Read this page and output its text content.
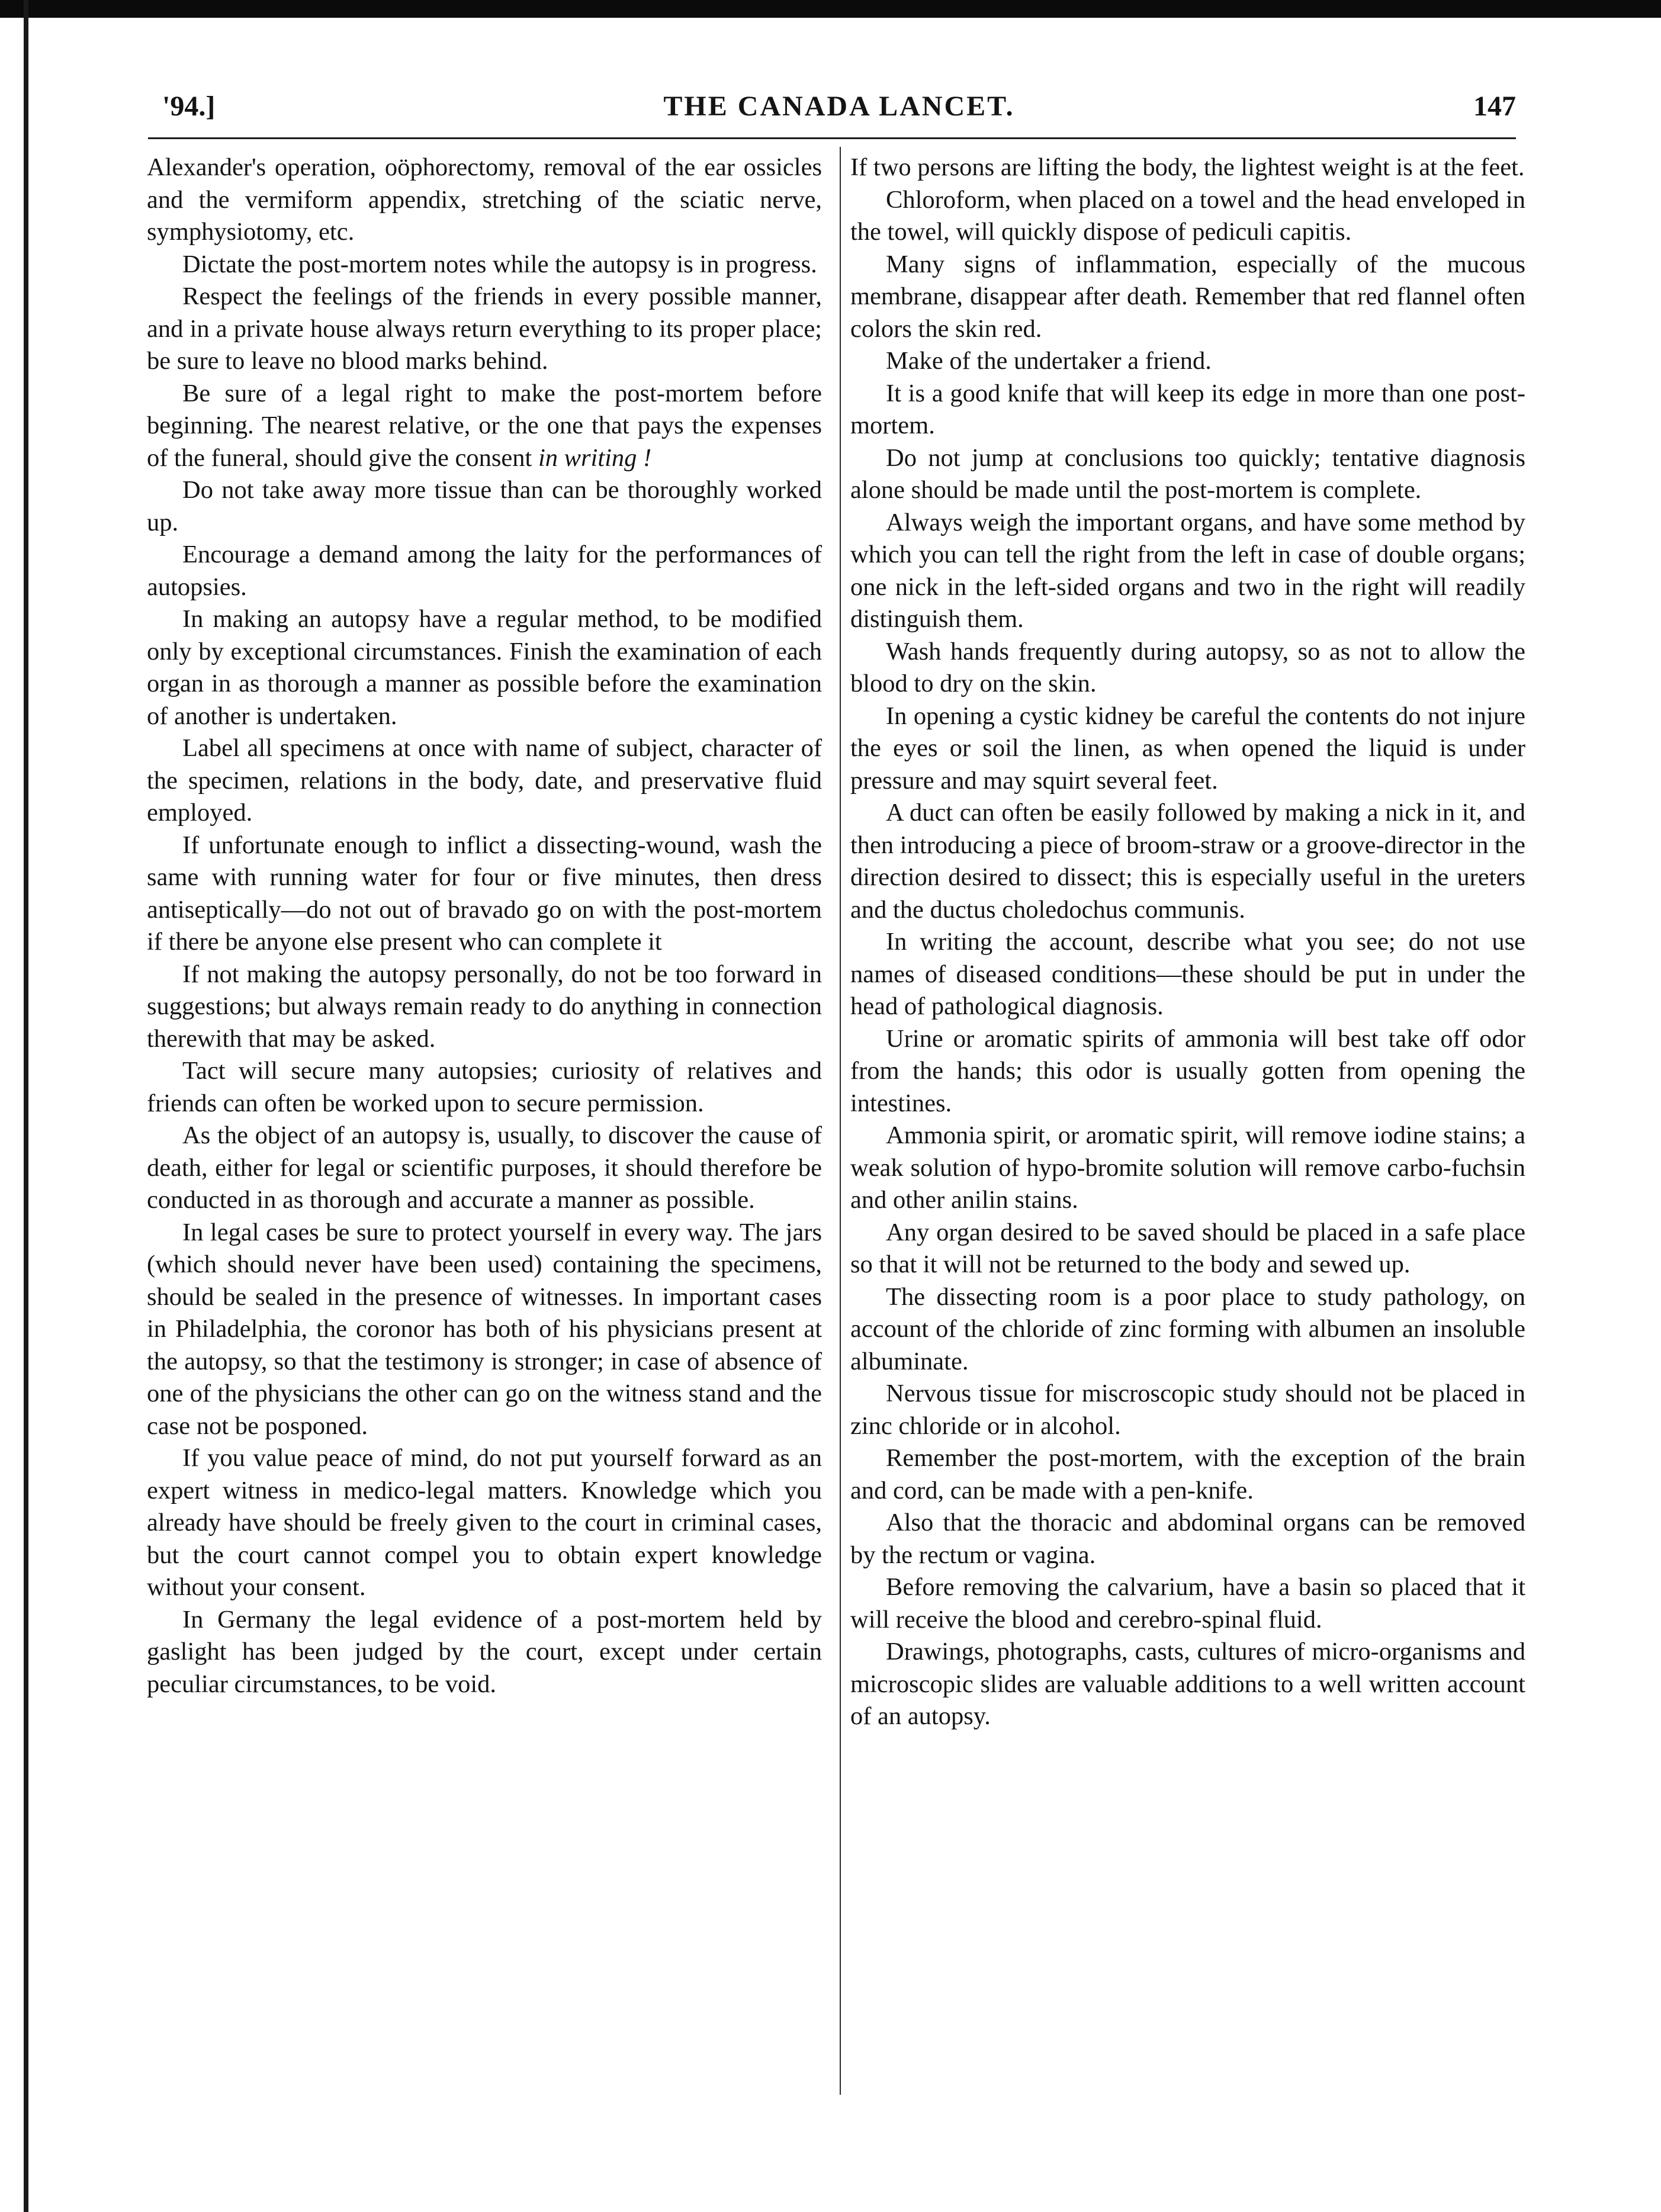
THE CANADA LANCET.
'94.]	147

Alexander's operation, oöphorectomy, removal of the ear ossicles and the vermiform appendix, stretching of the sciatic nerve, symphysiotomy, etc.

Dictate the post-mortem notes while the autopsy is in progress.

Respect the feelings of the friends in every possible manner, and in a private house always return everything to its proper place; be sure to leave no blood marks behind.

Be sure of a legal right to make the post-mortem before beginning. The nearest relative, or the one that pays the expenses of the funeral, should give the consent in writing !

Do not take away more tissue than can be thoroughly worked up.

Encourage a demand among the laity for the performances of autopsies.

In making an autopsy have a regular method, to be modified only by exceptional circumstances. Finish the examination of each organ in as thorough a manner as possible before the examination of another is undertaken.

Label all specimens at once with name of subject, character of the specimen, relations in the body, date, and preservative fluid employed.

If unfortunate enough to inflict a dissecting-wound, wash the same with running water for four or five minutes, then dress antiseptically—do not out of bravado go on with the post-mortem if there be anyone else present who can complete it

If not making the autopsy personally, do not be too forward in suggestions; but always remain ready to do anything in connection therewith that may be asked.

Tact will secure many autopsies; curiosity of relatives and friends can often be worked upon to secure permission.

As the object of an autopsy is, usually, to discover the cause of death, either for legal or scientific purposes, it should therefore be conducted in as thorough and accurate a manner as possible.

In legal cases be sure to protect yourself in every way. The jars (which should never have been used) containing the specimens, should be sealed in the presence of witnesses. In important cases in Philadelphia, the coronor has both of his physicians present at the autopsy, so that the testimony is stronger; in case of absence of one of the physicians the other can go on the witness stand and the case not be posponed.

If you value peace of mind, do not put yourself forward as an expert witness in medico-legal matters. Knowledge which you already have should be freely given to the court in criminal cases, but the court cannot compel you to obtain expert knowledge without your consent.

In Germany the legal evidence of a post-mortem held by gaslight has been judged by the court, except under certain peculiar circumstances, to be void.

If two persons are lifting the body, the lightest weight is at the feet.

Chloroform, when placed on a towel and the head enveloped in the towel, will quickly dispose of pediculi capitis.

Many signs of inflammation, especially of the mucous membrane, disappear after death. Remember that red flannel often colors the skin red.

Make of the undertaker a friend.

It is a good knife that will keep its edge in more than one post-mortem.

Do not jump at conclusions too quickly; tentative diagnosis alone should be made until the post-mortem is complete.

Always weigh the important organs, and have some method by which you can tell the right from the left in case of double organs; one nick in the left-sided organs and two in the right will readily distinguish them.

Wash hands frequently during autopsy, so as not to allow the blood to dry on the skin.

In opening a cystic kidney be careful the contents do not injure the eyes or soil the linen, as when opened the liquid is under pressure and may squirt several feet.

A duct can often be easily followed by making a nick in it, and then introducing a piece of broom-straw or a groove-director in the direction desired to dissect; this is especially useful in the ureters and the ductus choledochus communis.

In writing the account, describe what you see; do not use names of diseased conditions—these should be put in under the head of pathological diagnosis.

Urine or aromatic spirits of ammonia will best take off odor from the hands; this odor is usually gotten from opening the intestines.

Ammonia spirit, or aromatic spirit, will remove iodine stains; a weak solution of hypo-bromite solution will remove carbo-fuchsin and other anilin stains.

Any organ desired to be saved should be placed in a safe place so that it will not be returned to the body and sewed up.

The dissecting room is a poor place to study pathology, on account of the chloride of zinc forming with albumen an insoluble albuminate.

Nervous tissue for miscroscopic study should not be placed in zinc chloride or in alcohol.

Remember the post-mortem, with the exception of the brain and cord, can be made with a pen-knife.

Also that the thoracic and abdominal organs can be removed by the rectum or vagina.

Before removing the calvarium, have a basin so placed that it will receive the blood and cerebro-spinal fluid.

Drawings, photographs, casts, cultures of micro-organisms and microscopic slides are valuable additions to a well written account of an autopsy.
